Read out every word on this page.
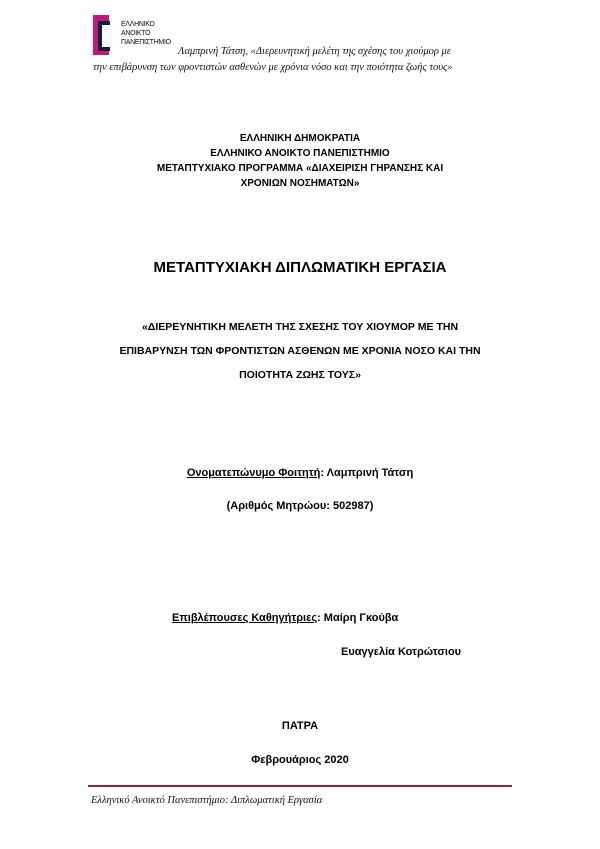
ΕΛΛΗΝΙΚΟ
ΑΝΟΙΚΤΟ
ΠΑΝΕΠΙΣΤΗΜΙΟ
Λαμπρινή Τάτση, «Διερευνητική μελέτη της σχέσης του χιούμορ με
την επιβάρυνση των φροντιστών ασθενών με χρόνια νόσο και την ποιότητα ζωής τους»
ΕΛΛΗΝΙΚΗ ΔΗΜΟΚΡΑΤΙΑ
ΕΛΛΗΝΙΚΟ ΑΝΟΙΚΤΟ ΠΑΝΕΠΙΣΤΗΜΙΟ
ΜΕΤΑΠΤΥΧΙΑΚΟ ΠΡΟΓΡΑΜΜΑ «ΔΙΑΧΕΙΡΙΣΗ ΓΗΡΑΝΣΗΣ ΚΑΙ
ΧΡΟΝΙΩΝ ΝΟΣΗΜΑΤΩΝ»
ΜΕΤΑΠΤΥΧΙΑΚΗ ΔΙΠΛΩΜΑΤΙΚΗ ΕΡΓΑΣΙΑ
«ΔΙΕΡΕΥΝΗΤΙΚΗ ΜΕΛΕΤΗ ΤΗΣ ΣΧΕΣΗΣ ΤΟΥ ΧΙΟΥΜΟΡ ΜΕ ΤΗΝ
ΕΠΙΒΑΡΥΝΣΗ ΤΩΝ ΦΡΟΝΤΙΣΤΩΝ ΑΣΘΕΝΩΝ ΜΕ ΧΡΟΝΙΑ ΝΟΣΟ ΚΑΙ ΤΗΝ
ΠΟΙΟΤΗΤΑ ΖΩΗΣ ΤΟΥΣ»
Ονοματεπώνυμο Φοιτητή: Λαμπρινή Τάτση
(Αριθμός Μητρώου: 502987)
Επιβλέπουσες Καθηγήτριες: Μαίρη Γκούβα
Ευαγγελία Κοτρώτσιου
ΠΑΤΡΑ
Φεβρουάριος 2020
Ελληνικό Ανοικτό Πανεπιστήμιο: Διπλωματική Εργασία
